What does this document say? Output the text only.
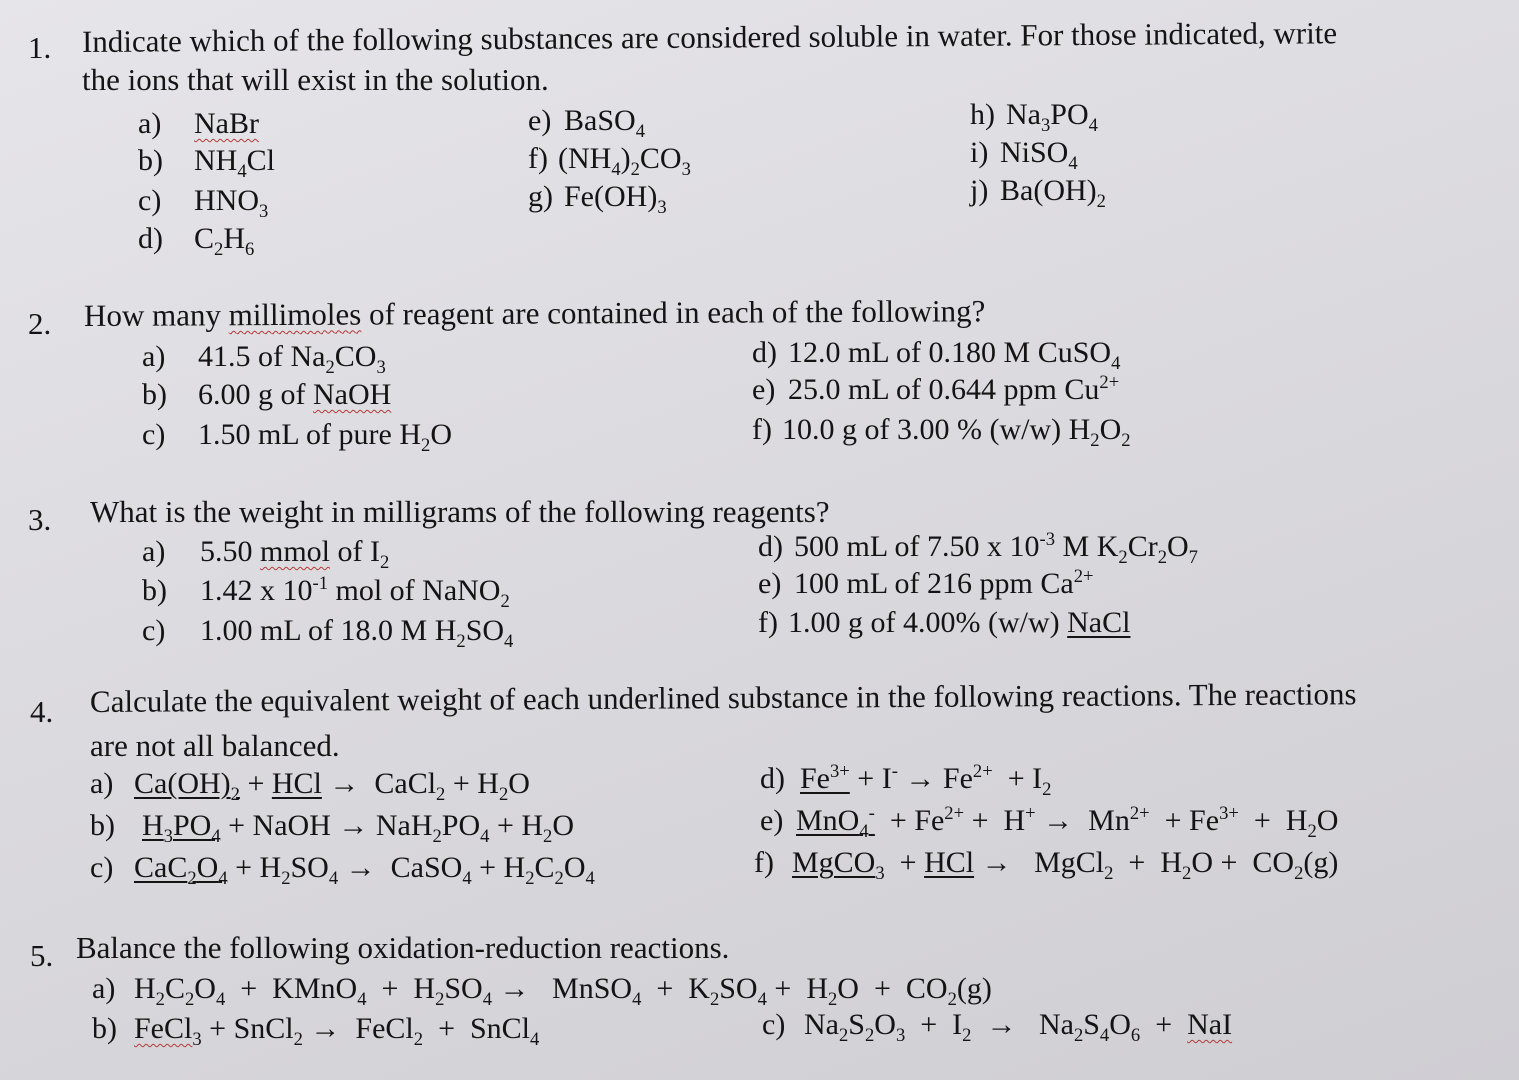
1. Indicate which of the following substances are considered soluble in water. For those indicated, write
the ions that will exist in the solution.
a) NaBr
b) $NH_4Cl$
c) $HNO_3$
d) $C_2H_6$
e) BaSO$_4$
f) $(NH_4)_2CO_3$
g) $Fe(OH)_3$
h) $Na_3PO_4$
i) NiSO$_4$
j) $Ba(OH)_2$
2. How many millimoles of reagent are contained in each of the following?
a) 41.5 of $Na_2CO_3$
b) 6.00 g of NaOH
c) 1.50 mL of pure $H_2O$
d) 12.0 mL of 0.180 M CuSO$_4$
e) 25.0 mL of 0.644 ppm $Cu^{2+}$
f) 10.0 g of 3.00 % (w/w) $H_2O_2$
3. What is the weight in milligrams of the following reagents?
a) 5.50 mmol of $I_2$
b) 1.42 x $10^{-1}$ mol of NaNO$_2$
c) 1.00 mL of 18.0 M $H_2SO_4$
d) 500 mL of 7.50 x $10^{-3}$ M $K_2Cr_2O_7$
e) 100 mL of 216 ppm $Ca^{2+}$
f) 1.00 g of 4.00% (w/w) NaCl
4. Calculate the equivalent weight of each underlined substance in the following reactions. The reactions
are not all balanced.
a) $Ca(OH)_2$ + HCl →  CaCl$_2$ + $H_2O$
b) $H_3PO_4$ + NaOH → $NaH_2PO_4 + H_2O$
c) $CaC_2O_4 + H_2SO_4$ →  CaSO$_4$ + $H_2C_2O_4$
d) $Fe^{3+} + I^- \to Fe^{2+} + I_2$
e) $MnO_4^- + Fe^{2+} + H^+ \to Mn^{2+} + Fe^{3+} + H_2O$
f) MgCO$_3$  + HCl →   MgCl$_2$  +  $H_2O + CO_2(g)$
5. Balance the following oxidation-reduction reactions.
a) $H_2C_2O_4$  +  KMnO$_4$  +  $H_2SO_4$ →   MnSO$_4$  +  $K_2SO_4 + H_2O + CO_2(g)$
b) FeCl$_3$ + SnCl$_2$ →  FeCl$_2$  +  SnCl$_4$	c) $Na_2S_2O_3 + I_2 \to Na_2S_4O_6$  +  NaI
